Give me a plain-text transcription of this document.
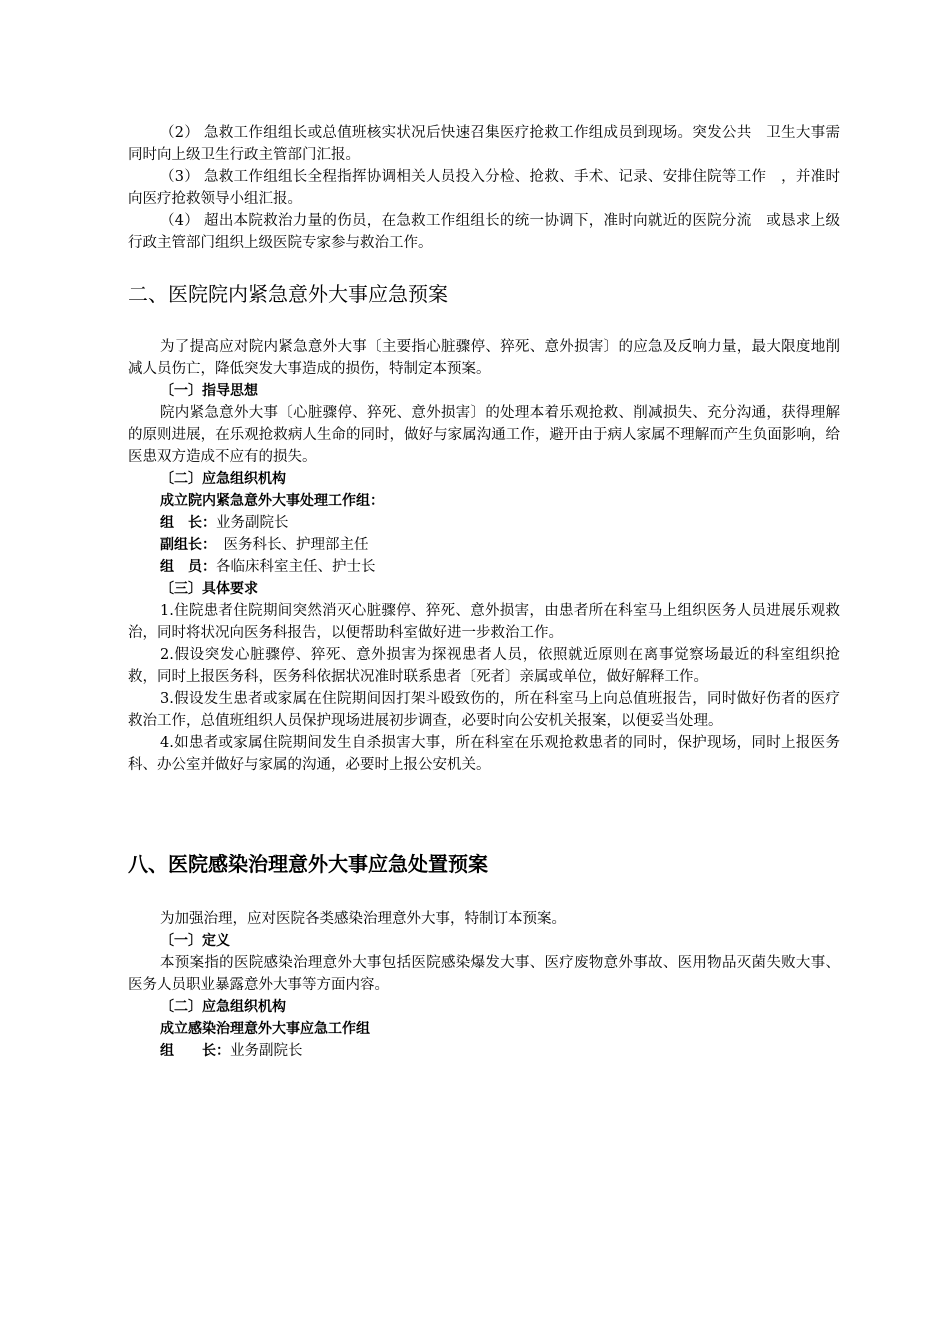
（2） 急救工作组组长或总值班核实状况后快速召集医疗抢救工作组成员到现场。突发公共　卫生大事需同时向上级卫生行政主管部门汇报。

（3） 急救工作组组长全程指挥协调相关人员投入分检、抢救、手术、记录、安排住院等工作　，并准时向医疗抢救领导小组汇报。

（4） 超出本院救治力量的伤员，在急救工作组组长的统一协调下，准时向就近的医院分流　或恳求上级行政主管部门组织上级医院专家参与救治工作。

二、医院院内紧急意外大事应急预案

为了提高应对院内紧急意外大事〔主要指心脏骤停、猝死、意外损害〕的应急及反响力量，最大限度地削减人员伤亡，降低突发大事造成的损伤，特制定本预案。

〔一〕指导思想

院内紧急意外大事〔心脏骤停、猝死、意外损害〕的处理本着乐观抢救、削减损失、充分沟通，获得理解的原则进展，在乐观抢救病人生命的同时，做好与家属沟通工作，避开由于病人家属不理解而产生负面影响，给医患双方造成不应有的损失。

〔二〕应急组织机构

成立院内紧急意外大事处理工作组：

组　长：业务副院长

副组长：　医务科长、护理部主任

组　员：各临床科室主任、护士长

〔三〕具体要求

1.住院患者住院期间突然消灭心脏骤停、猝死、意外损害，由患者所在科室马上组织医务人员进展乐观救治，同时将状况向医务科报告，以便帮助科室做好进一步救治工作。

2.假设突发心脏骤停、猝死、意外损害为探视患者人员，依照就近原则在离事觉察场最近的科室组织抢救，同时上报医务科，医务科依据状况准时联系患者〔死者〕亲属或单位，做好解释工作。

3.假设发生患者或家属在住院期间因打架斗殴致伤的，所在科室马上向总值班报告，同时做好伤者的医疗救治工作，总值班组织人员保护现场进展初步调查，必要时向公安机关报案，以便妥当处理。

4.如患者或家属住院期间发生自杀损害大事，所在科室在乐观抢救患者的同时，保护现场，同时上报医务科、办公室并做好与家属的沟通，必要时上报公安机关。

八、医院感染治理意外大事应急处置预案

为加强治理，应对医院各类感染治理意外大事，特制订本预案。

〔一〕定义

本预案指的医院感染治理意外大事包括医院感染爆发大事、医疗废物意外事故、医用物品灭菌失败大事、医务人员职业暴露意外大事等方面内容。

〔二〕应急组织机构

成立感染治理意外大事应急工作组

组　　长：业务副院长
